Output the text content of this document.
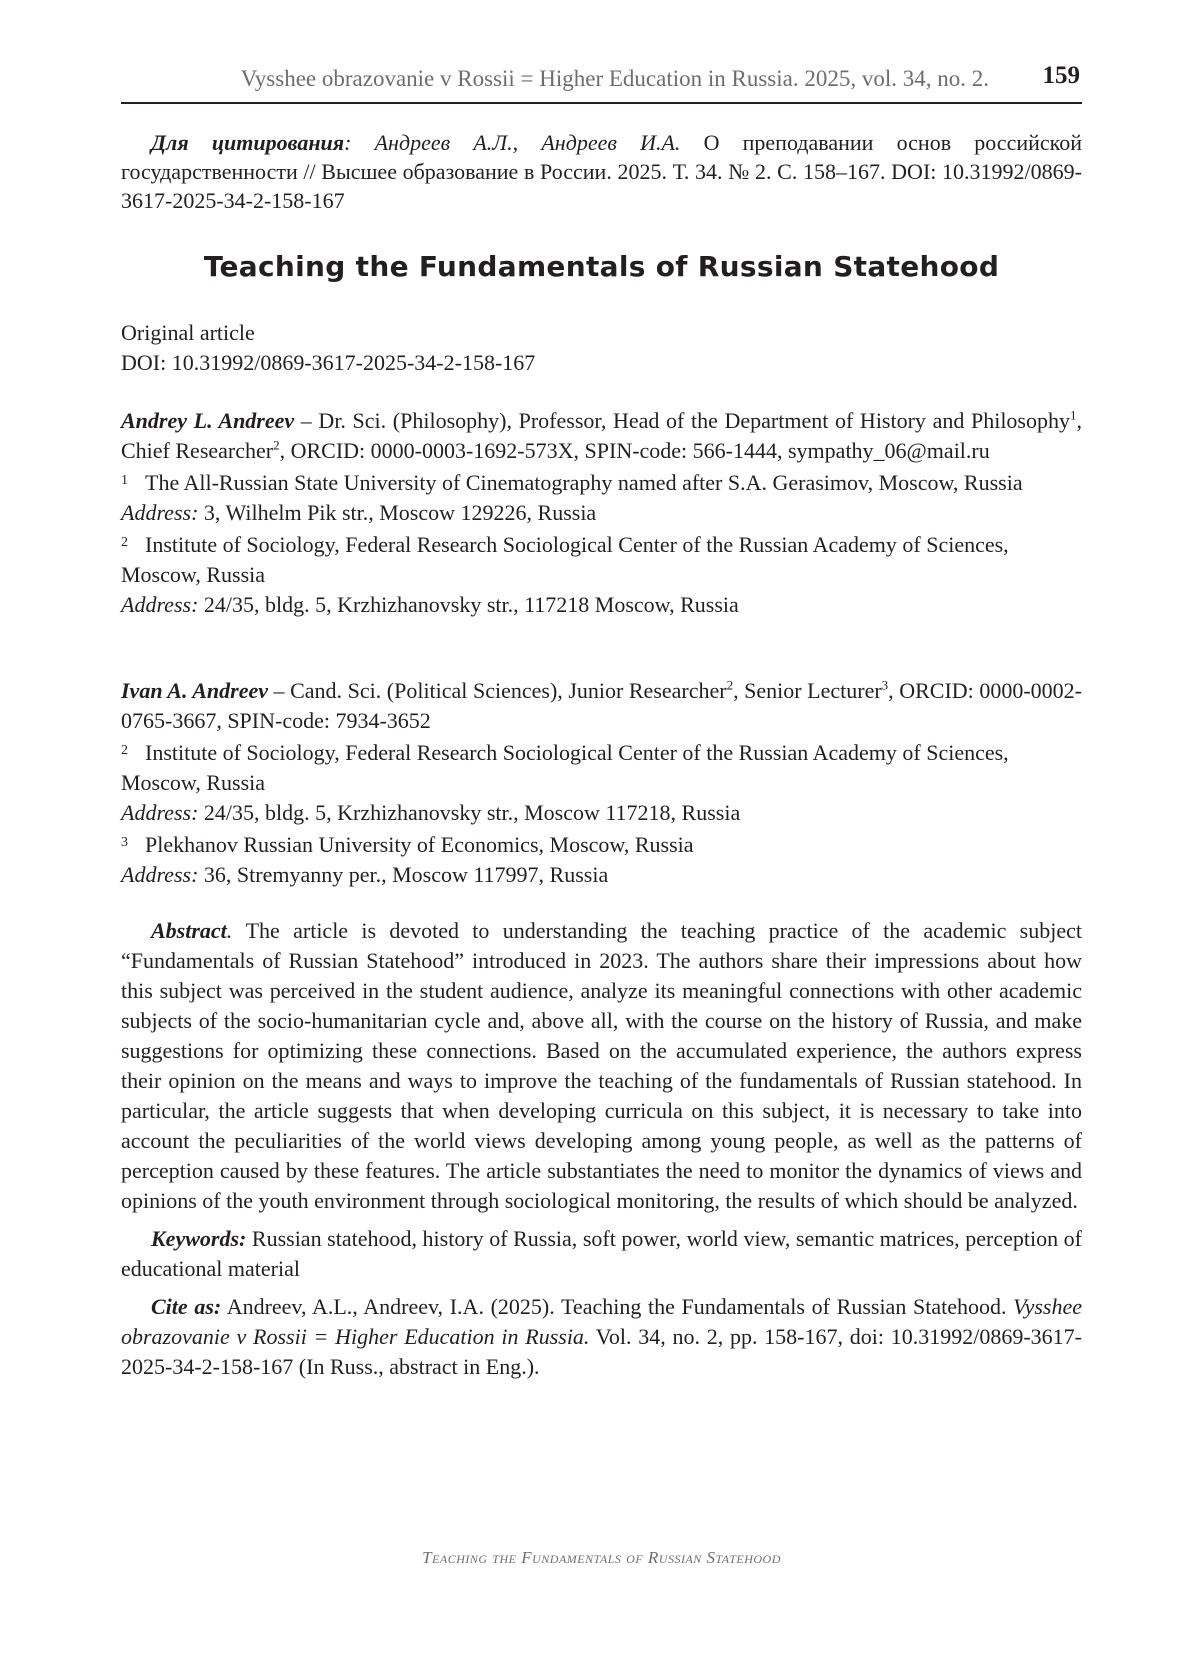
Vysshee obrazovanie v Rossii = Higher Education in Russia. 2025, vol. 34, no. 2. 159

Для цитирования: Андреев А.Л., Андреев И.А. О преподавании основ российской государственности // Высшее образование в России. 2025. Т. 34. № 2. С. 158–167. DOI: 10.31992/0869-3617-2025-34-2-158-167

Teaching the Fundamentals of Russian Statehood

Original article

DOI: 10.31992/0869-3617-2025-34-2-158-167

Andrey L. Andreev – Dr. Sci. (Philosophy), Professor, Head of the Department of History and Philosophy$^1$, Chief Researcher$^2$, ORCID: 0000-0003-1692-573X, SPIN-code: 566-1444, sympathy_06@mail.ru

1 The All-Russian State University of Cinematography named after S.A. Gerasimov, Moscow, Russia

Address: 3, Wilhelm Pik str., Moscow 129226, Russia

2 Institute of Sociology, Federal Research Sociological Center of the Russian Academy of Sciences, Moscow, Russia

Address: 24/35, bldg. 5, Krzhizhanovsky str., 117218 Moscow, Russia

Ivan A. Andreev – Cand. Sci. (Political Sciences), Junior Researcher$^2$, Senior Lecturer$^3$, ORCID: 0000-0002-0765-3667, SPIN-code: 7934-3652

2 Institute of Sociology, Federal Research Sociological Center of the Russian Academy of Sciences, Moscow, Russia

Address: 24/35, bldg. 5, Krzhizhanovsky str., Moscow 117218, Russia

3 Plekhanov Russian University of Economics, Moscow, Russia

Address: 36, Stremyanny per., Moscow 117997, Russia

Abstract. The article is devoted to understanding the teaching practice of the academic subject “Fundamentals of Russian Statehood” introduced in 2023. The authors share their impressions about how this subject was perceived in the student audience, analyze its meaningful connections with other academic subjects of the socio-humanitarian cycle and, above all, with the course on the history of Russia, and make suggestions for optimizing these connections. Based on the accumulated experience, the authors express their opinion on the means and ways to improve the teaching of the fundamentals of Russian statehood. In particular, the article suggests that when developing curricula on this subject, it is necessary to take into account the peculiarities of the world views developing among young people, as well as the patterns of perception caused by these features. The article substantiates the need to monitor the dynamics of views and opinions of the youth environment through sociological monitoring, the results of which should be analyzed.

Keywords: Russian statehood, history of Russia, soft power, world view, semantic matrices, perception of educational material

Cite as: Andreev, A.L., Andreev, I.A. (2025). Teaching the Fundamentals of Russian Statehood. Vysshee obrazovanie v Rossii = Higher Education in Russia. Vol. 34, no. 2, pp. 158-167, doi: 10.31992/0869-3617-2025-34-2-158-167 (In Russ., abstract in Eng.).

Teaching the Fundamentals of Russian Statehood
